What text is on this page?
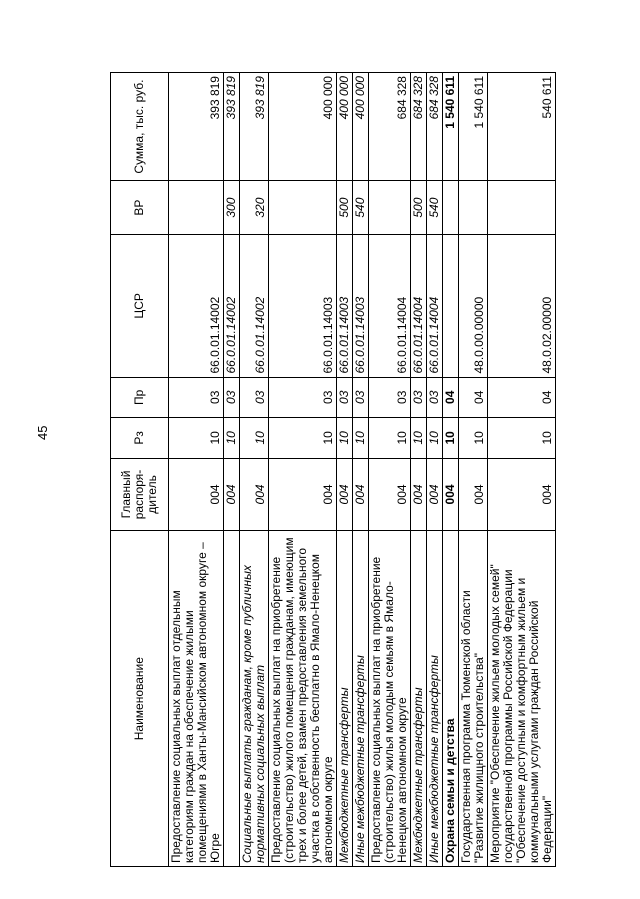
45
Наименование	Главный распоря-дитель	Рз	Пр	ЦСР	ВР	Сумма, тыс. руб.
Предоставление социальных выплат отдельным категориям граждан на обеспечение жилыми помещениями в Ханты-Мансийском автономном округе – Югре	004	10	03	66.0.01.14002		393 819
	004	10	03	66.0.01.14002	300	393 819
Социальные выплаты гражданам, кроме публичных нормативных социальных выплат	004	10	03	66.0.01.14002	320	393 819
Предоставление социальных выплат на приобретение (строительство) жилого помещения гражданам, имеющим трех и более детей, взамен предоставления земельного участка в собственность бесплатно в Ямало-Ненецком автономном округе	004	10	03	66.0.01.14003		400 000
Межбюджетные трансферты	004	10	03	66.0.01.14003	500	400 000
Иные межбюджетные трансферты	004	10	03	66.0.01.14003	540	400 000
Предоставление социальных выплат на приобретение (строительство) жилья молодым семьям в Ямало-Ненецком автономном округе	004	10	03	66.0.01.14004		684 328
Межбюджетные трансферты	004	10	03	66.0.01.14004	500	684 328
Иные межбюджетные трансферты	004	10	03	66.0.01.14004	540	684 328
Охрана семьи и детства	004	10	04			1 540 611
Государственная программа Тюменской области "Развитие жилищного строительства"	004	10	04	48.0.00.00000		1 540 611
Мероприятие "Обеспечение жильем молодых семей" государственной программы Российской Федерации "Обеспечение доступным и комфортным жильем и коммунальными услугами граждан Российской Федерации"	004	10	04	48.0.02.00000		540 611
